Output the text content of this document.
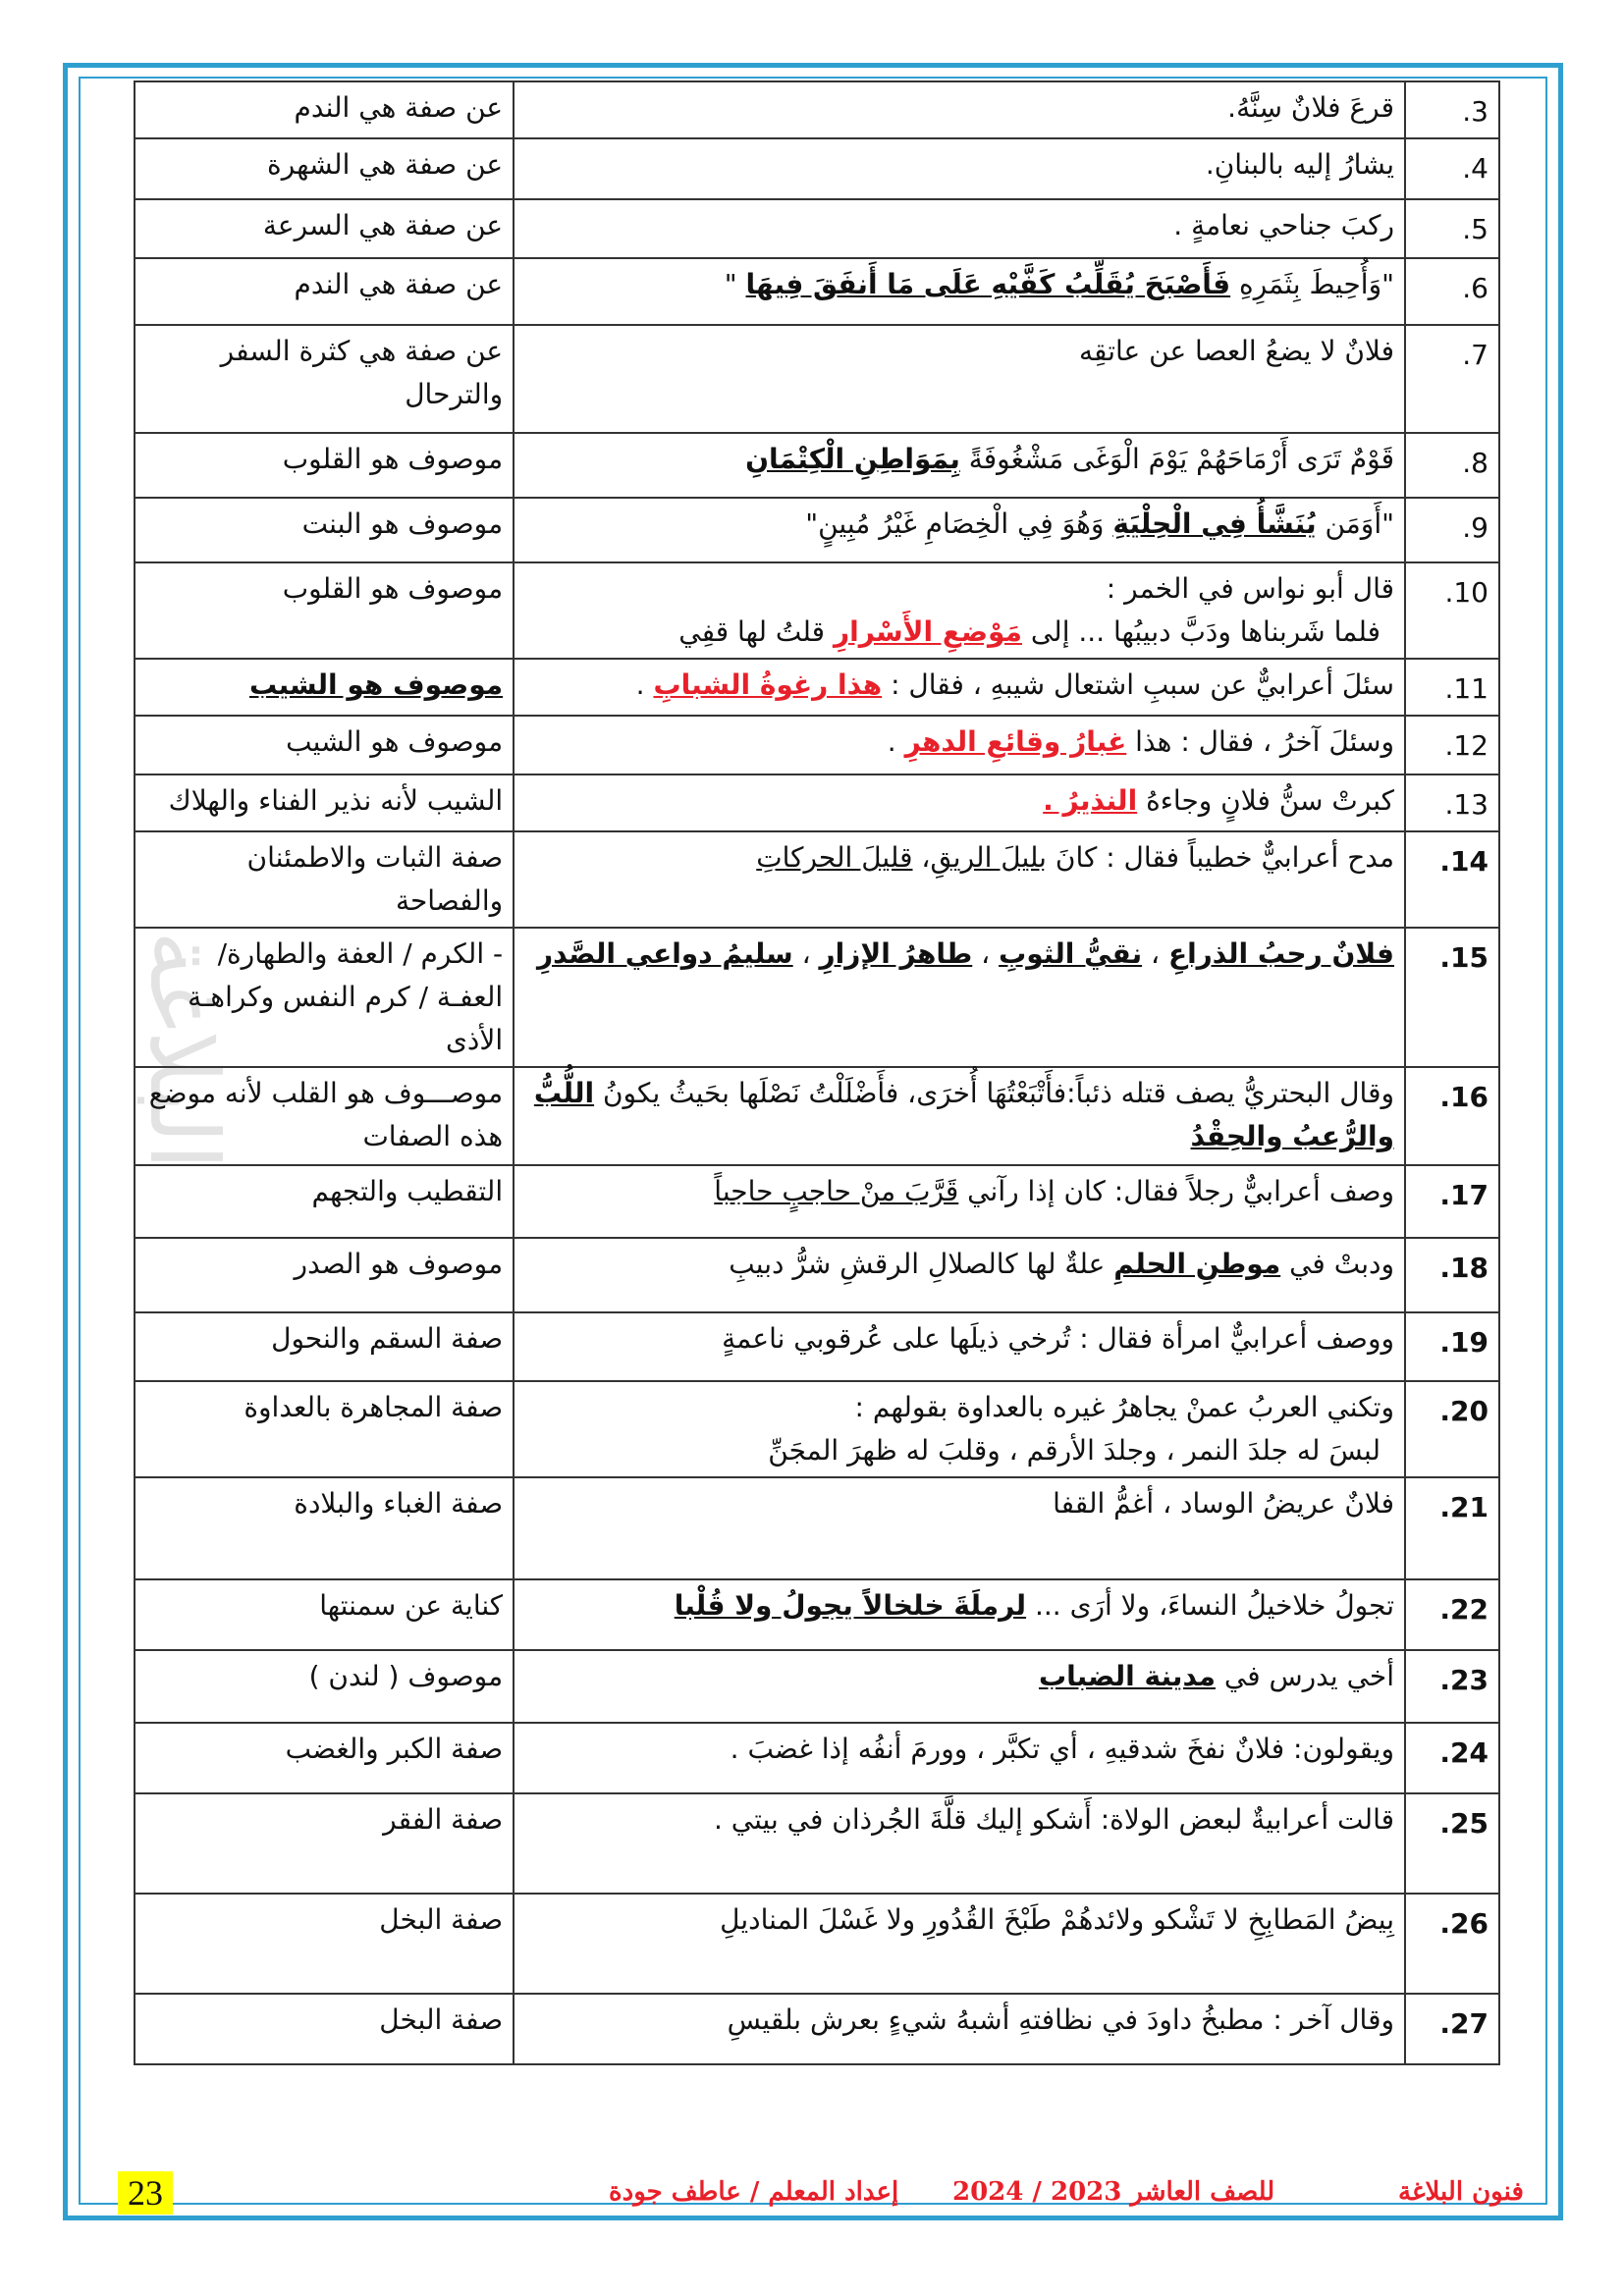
البلاغة
3.	قرعَ فلانٌ سِنَّهُ.	عن صفة هي الندم
4.	يشارُ إليه بالبنانِ.	عن صفة هي الشهرة
5.	ركبَ جناحي نعامةٍ .	عن صفة هي السرعة
6.	"وَأُحِيطَ بِثَمَرِهِ فَأَصْبَحَ يُقَلِّبُ كَفَّيْهِ عَلَى مَا أَنفَقَ فِيهَا "	عن صفة هي الندم
7.	فلانٌ لا يضعُ العصا عن عاتقِه	عن صفة هي كثرة السفر والترحال
8.	قَوْمٌ تَرَى أَرْمَاحَهُمْ يَوْمَ الْوَغَى مَشْغُوفَةً بِمَوَاطِنِ الْكِتْمَانِ	موصوف هو القلوب
9.	"أَوَمَن يُنَشَّأُ فِي الْحِلْيَةِ وَهُوَ فِي الْخِصَامِ غَيْرُ مُبِينٍ"	موصوف هو البنت
10.	قال أبو نواس في الخمر :
فلما شَربناها ودَبَّ دبيبُها ... إلى مَوْضعِ الأَسْرارِ قلتُ لها قفِي	موصوف هو القلوب
11.	سئلَ أعرابيٌّ عن سببِ اشتعال شيبهِ ، فقال : هذا رغوةُ الشبابِ .	موصوف هو الشيب
12.	وسئلَ آخرُ ، فقال : هذا غبارُ وقائعِ الدهرِ .	موصوف هو الشيب
13.	كبرتْ سنُّ فلانٍ وجاءهُ النذيرُ .	الشيب لأنه نذير الفناء والهلاك
14.	مدح أعرابيٌّ خطيباً فقال : كانَ بليلَ الريقِ، قليلَ الحركاتِ	صفة الثبات والاطمئنان والفصاحة
15.	فلانٌ رحبُ الذراعِ ، نقيُّ الثوبِ ، طاهرُ الإزارِ ، سليمُ دواعي الصَّدرِ	- الكرم / العفة والطهارة/ العفـة / كرم النفس وكراهـة الأذى
16.	وقال البحتريُّ يصف قتله ذئباً:فأَتْبَعْتُهَا أُخرَى، فأَضْلَلْتُ نَصْلَها بحَيثُ يكونُ اللُّبُّ والرُّعبُ والحِقْدُ	موصـــوف هو القلب لأنه موضع هذه الصفات
17.	وصف أعرابيٌّ رجلاً فقال: كان إذا رآني قَرَّبَ منْ حاجبٍ حاجباً	التقطيب والتجهم
18.	ودبتْ في موطنِ الحلمِ علةٌ لها كالصلالِ الرقشِ شرُّ دبيبِ	موصوف هو الصدر
19.	ووصف أعرابيٌّ امرأة فقال : تُرخي ذيلَها على عُرقوبي ناعمةٍ	صفة السقم والنحول
20.	وتكني العربُ عمنْ يجاهرُ غيره بالعداوة بقولهم :
لبسَ له جلدَ النمر ، وجلدَ الأرقم ، وقلبَ له ظهرَ المجَنِّ	صفة المجاهرة بالعداوة
21.	فلانٌ عريضُ الوساد ، أغمُّ القفا	صفة الغباء والبلادة
22.	تجولُ خلاخيلُ النساءَ، ولا أرَى ... لرملَةَ خلخالاً يجولُ ولا قُلْبا	كناية عن سمنتها
23.	أخي يدرس في مدينة الضباب	موصوف ( لندن )
24.	ويقولون: فلانٌ نفخَ شدقيهِ ، أي تكبَّر ، وورمَ أنفُه إذا غضبَ .	صفة الكبر والغضب
25.	قالت أعرابيةٌ لبعض الولاة: أَشكو إليك قلَّةَ الجُرذان في بيتي .	صفة الفقر
26.	بِيضُ المَطابِخِ لا تَشْكو ولائدهُمْ طَبْخَ القُدُورِ ولا غَسْلَ المناديلِ	صفة البخل
27.	وقال آخر : مطبخُ داودَ في نظافتهِ أشبهُ شيءٍ بعرش بلقيسِ	صفة البخل
فنون البلاغة
للصف العاشر 2023 / 2024
إعداد المعلم / عاطف جودة
23
